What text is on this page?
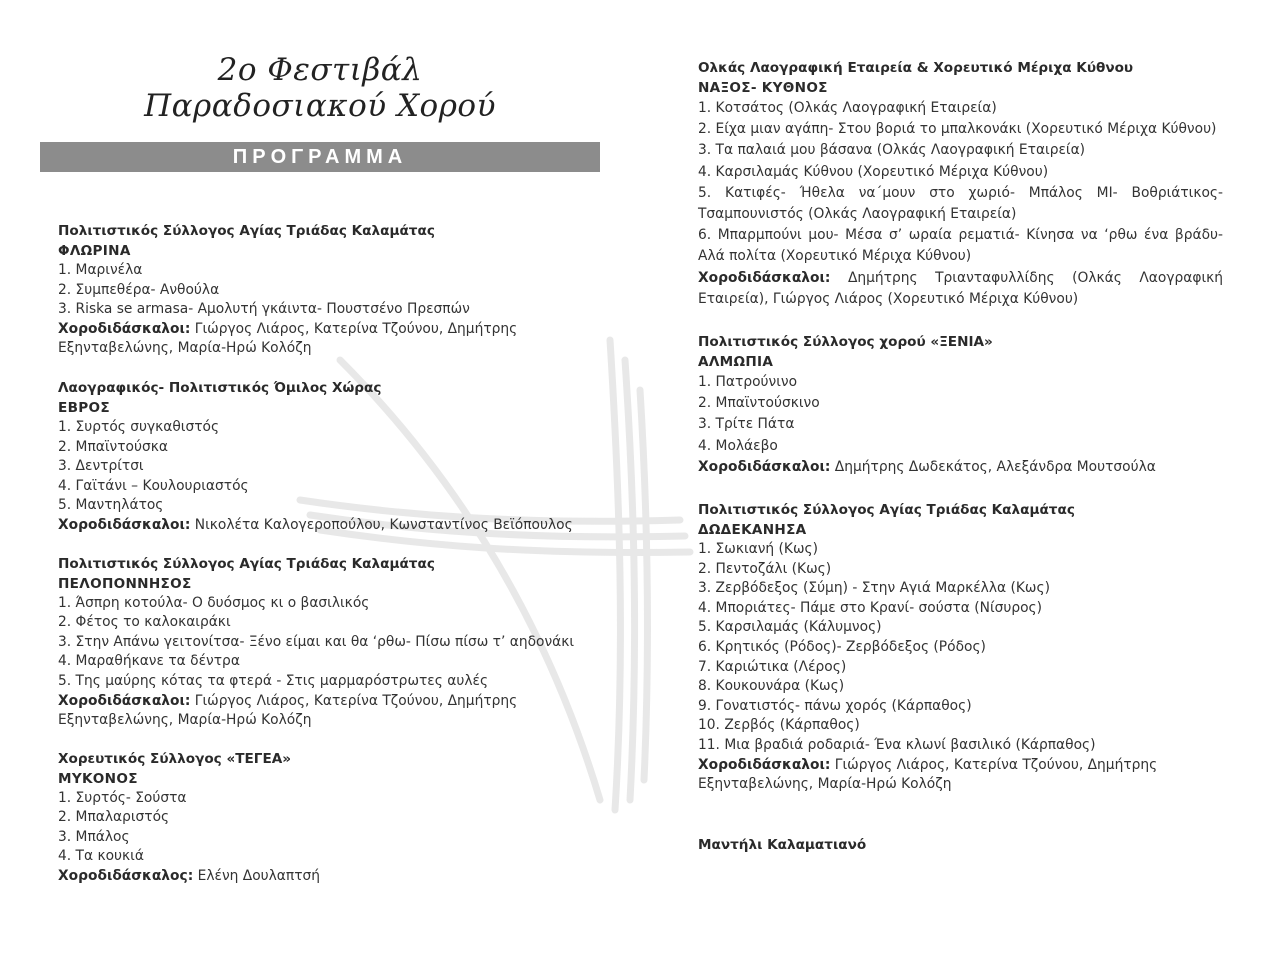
2ο Φεστιβάλ
Παραδοσιακού Χορού
ΠΡΟΓΡΑΜΜΑ
Πολιτιστικός Σύλλογος Αγίας Τριάδας Καλαμάτας
ΦΛΩΡΙΝΑ
1. Μαρινέλα
2. Συμπεθέρα- Ανθούλα
3. Riska se armasa- Αμολυτή γκάιντα- Πουστσένο Πρεσπών
Χοροδιδάσκαλοι: Γιώργος Λιάρος, Κατερίνα Τζούνου, Δημήτρης Εξηνταβελώνης, Μαρία-Ηρώ Κολόζη
Λαογραφικός- Πολιτιστικός Όμιλος Χώρας
ΕΒΡΟΣ
1. Συρτός συγκαθιστός
2. Μπαϊντούσκα
3. Δεντρίτσι
4. Γαϊτάνι – Κουλουριαστός
5. Μαντηλάτος
Χοροδιδάσκαλοι: Νικολέτα Καλογεροπούλου, Κωνσταντίνος Βεϊόπουλος
Πολιτιστικός Σύλλογος Αγίας Τριάδας Καλαμάτας
ΠΕΛΟΠΟΝΝΗΣΟΣ
1. Άσπρη κοτούλα- Ο δυόσμος κι ο βασιλικός
2. Φέτος το καλοκαιράκι
3. Στην Απάνω γειτονίτσα- Ξένο είμαι και θα ‘ρθω- Πίσω πίσω τ’ αηδονάκι
4. Μαραθήκανε τα δέντρα
5. Της μαύρης κότας τα φτερά - Στις μαρμαρόστρωτες αυλές
Χοροδιδάσκαλοι: Γιώργος Λιάρος, Κατερίνα Τζούνου, Δημήτρης Εξηνταβελώνης, Μαρία-Ηρώ Κολόζη
Χορευτικός Σύλλογος «ΤΕΓΕΑ»
ΜΥΚΟΝΟΣ
1. Συρτός- Σούστα
2. Μπαλαριστός
3. Μπάλος
4. Τα κουκιά
Χοροδιδάσκαλος: Ελένη Δουλαπτσή
Ολκάς Λαογραφική Εταιρεία & Χορευτικό Μέριχα Κύθνου
ΝΑΞΟΣ- ΚΥΘΝΟΣ
1. Κοτσάτος (Ολκάς Λαογραφική Εταιρεία)
2. Είχα μιαν αγάπη- Στου βοριά το μπαλκονάκι (Χορευτικό Μέριχα Κύθνου)
3. Τα παλαιά μου βάσανα (Ολκάς Λαογραφική Εταιρεία)
4. Καρσιλαμάς Κύθνου (Χορευτικό Μέριχα Κύθνου)
5. Κατιφές- Ήθελα να΄μουν στο χωριό- Μπάλος ΜΙ- Βοθριάτικος- Τσαμπουνιστός (Ολκάς Λαογραφική Εταιρεία)
6. Μπαρμπούνι μου- Μέσα σ’ ωραία ρεματιά- Κίνησα να ‘ρθω ένα βράδυ- Αλά πολίτα (Χορευτικό Μέριχα Κύθνου)
Χοροδιδάσκαλοι: Δημήτρης Τριανταφυλλίδης (Ολκάς Λαογραφική Εταιρεία), Γιώργος Λιάρος (Χορευτικό Μέριχα Κύθνου)
Πολιτιστικός Σύλλογος χορού «ΞΕΝΙΑ»
ΑΛΜΩΠΙΑ
1. Πατρούνινο
2. Μπαϊντούσκινο
3. Τρίτε Πάτα
4. Μολάεβο
Χοροδιδάσκαλοι: Δημήτρης Δωδεκάτος, Αλεξάνδρα Μουτσούλα
Πολιτιστικός Σύλλογος Αγίας Τριάδας Καλαμάτας
ΔΩΔΕΚΑΝΗΣΑ
1. Σωκιανή (Κως)
2. Πεντοζάλι (Κως)
3. Ζερβόδεξος (Σύμη) - Στην Αγιά Μαρκέλλα (Κως)
4. Μποριάτες- Πάμε στο Κρανί- σούστα (Νίσυρος)
5. Καρσιλαμάς (Κάλυμνος)
6. Κρητικός (Ρόδος)- Ζερβόδεξος (Ρόδος)
7. Καριώτικα (Λέρος)
8. Κουκουνάρα (Κως)
9. Γονατιστός- πάνω χορός (Κάρπαθος)
10. Ζερβός (Κάρπαθος)
11. Μια βραδιά ροδαριά- Ένα κλωνί βασιλικό (Κάρπαθος)
Χοροδιδάσκαλοι: Γιώργος Λιάρος, Κατερίνα Τζούνου, Δημήτρης Εξηνταβελώνης, Μαρία-Ηρώ Κολόζη
Μαντήλι Καλαματιανό
